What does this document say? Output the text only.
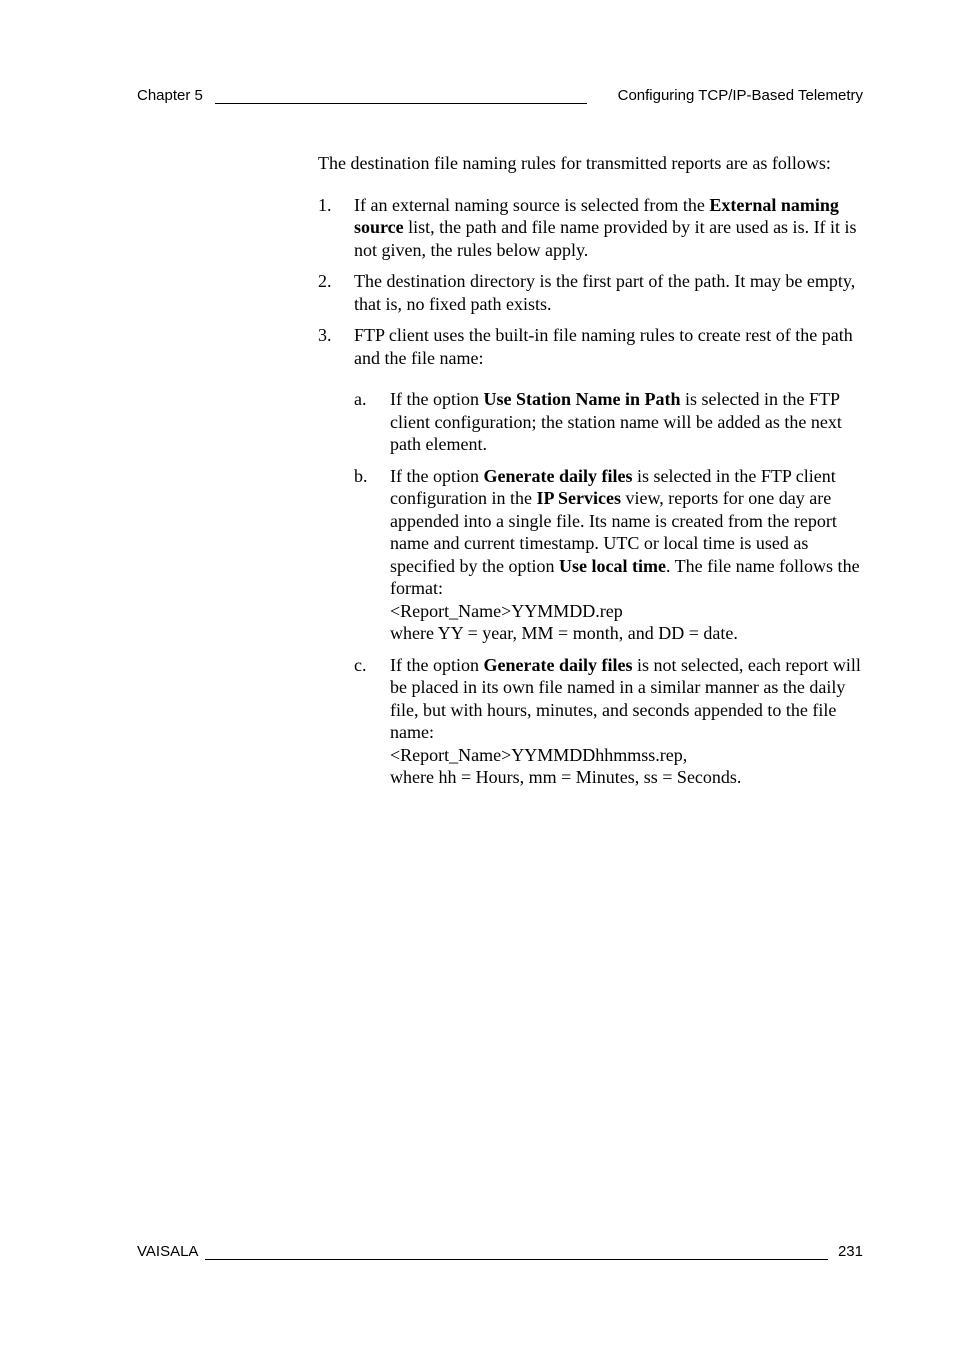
Chapter 5	Configuring TCP/IP-Based Telemetry

The destination file naming rules for transmitted reports are as follows:

1. If an external naming source is selected from the External naming source list, the path and file name provided by it are used as is. If it is not given, the rules below apply.
2. The destination directory is the first part of the path. It may be empty, that is, no fixed path exists.
3. FTP client uses the built-in file naming rules to create rest of the path and the file name:
a. If the option Use Station Name in Path is selected in the FTP client configuration; the station name will be added as the next path element.
b. If the option Generate daily files is selected in the FTP client configuration in the IP Services view, reports for one day are appended into a single file. Its name is created from the report name and current timestamp. UTC or local time is used as specified by the option Use local time. The file name follows the format:
<Report_Name>YYMMDD.rep
where YY = year, MM = month, and DD = date.
c. If the option Generate daily files is not selected, each report will be placed in its own file named in a similar manner as the daily file, but with hours, minutes, and seconds appended to the file name:
<Report_Name>YYMMDDhhmmss.rep,
where hh = Hours, mm = Minutes, ss = Seconds.
VAISALA	231
